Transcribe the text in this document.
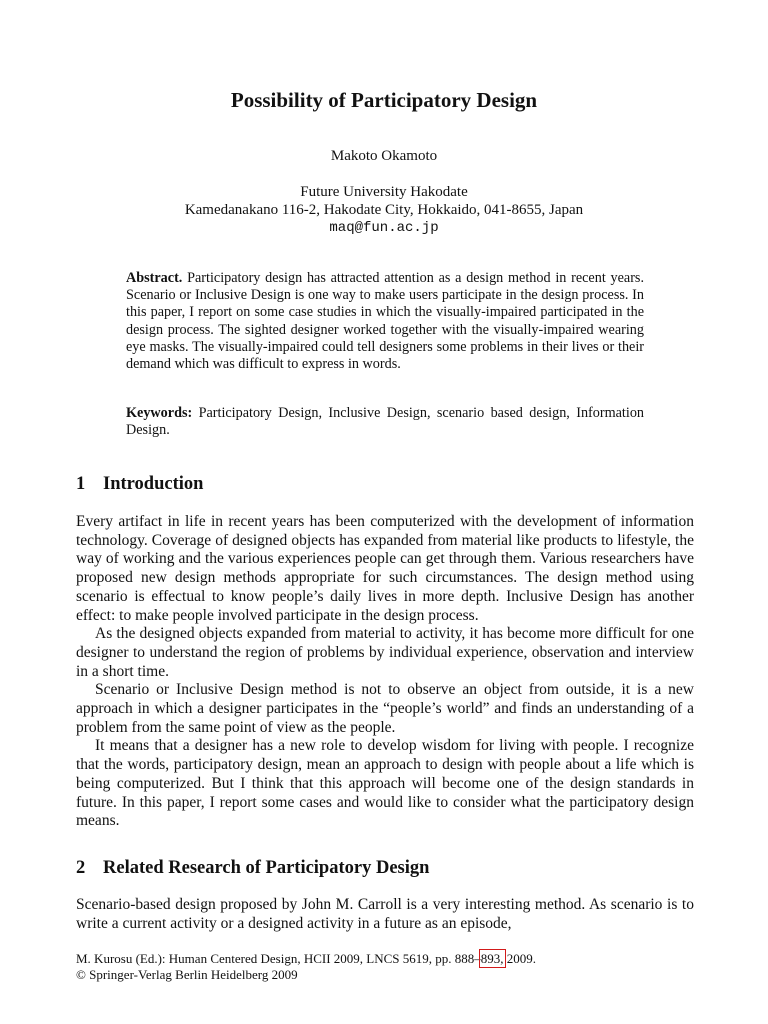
Possibility of Participatory Design
Makoto Okamoto
Future University Hakodate
Kamedanakano 116-2, Hakodate City, Hokkaido, 041-8655, Japan
maq@fun.ac.jp

Abstract. Participatory design has attracted attention as a design method in recent years. Scenario or Inclusive Design is one way to make users participate in the design process. In this paper, I report on some case studies in which the visually-impaired participated in the design process. The sighted designer worked together with the visually-impaired wearing eye masks. The visually-impaired could tell designers some problems in their lives or their demand which was difficult to express in words.

Keywords: Participatory Design, Inclusive Design, scenario based design, Information Design.

1 Introduction

Every artifact in life in recent years has been computerized with the development of information technology. Coverage of designed objects has expanded from material like products to lifestyle, the way of working and the various experiences people can get through them. Various researchers have proposed new design methods appropriate for such circumstances. The design method using scenario is effectual to know people’s daily lives in more depth. Inclusive Design has another effect: to make people involved participate in the design process.

As the designed objects expanded from material to activity, it has become more difficult for one designer to understand the region of problems by individual experience, observation and interview in a short time.

Scenario or Inclusive Design method is not to observe an object from outside, it is a new approach in which a designer participates in the “people’s world” and finds an understanding of a problem from the same point of view as the people.

It means that a designer has a new role to develop wisdom for living with people. I recognize that the words, participatory design, mean an approach to design with people about a life which is being computerized. But I think that this approach will become one of the design standards in future. In this paper, I report some cases and would like to consider what the participatory design means.

2 Related Research of Participatory Design

Scenario-based design proposed by John M. Carroll is a very interesting method. As scenario is to write a current activity or a designed activity in a future as an episode,

M. Kurosu (Ed.): Human Centered Design, HCII 2009, LNCS 5619, pp. 888–893, 2009.
© Springer-Verlag Berlin Heidelberg 2009
